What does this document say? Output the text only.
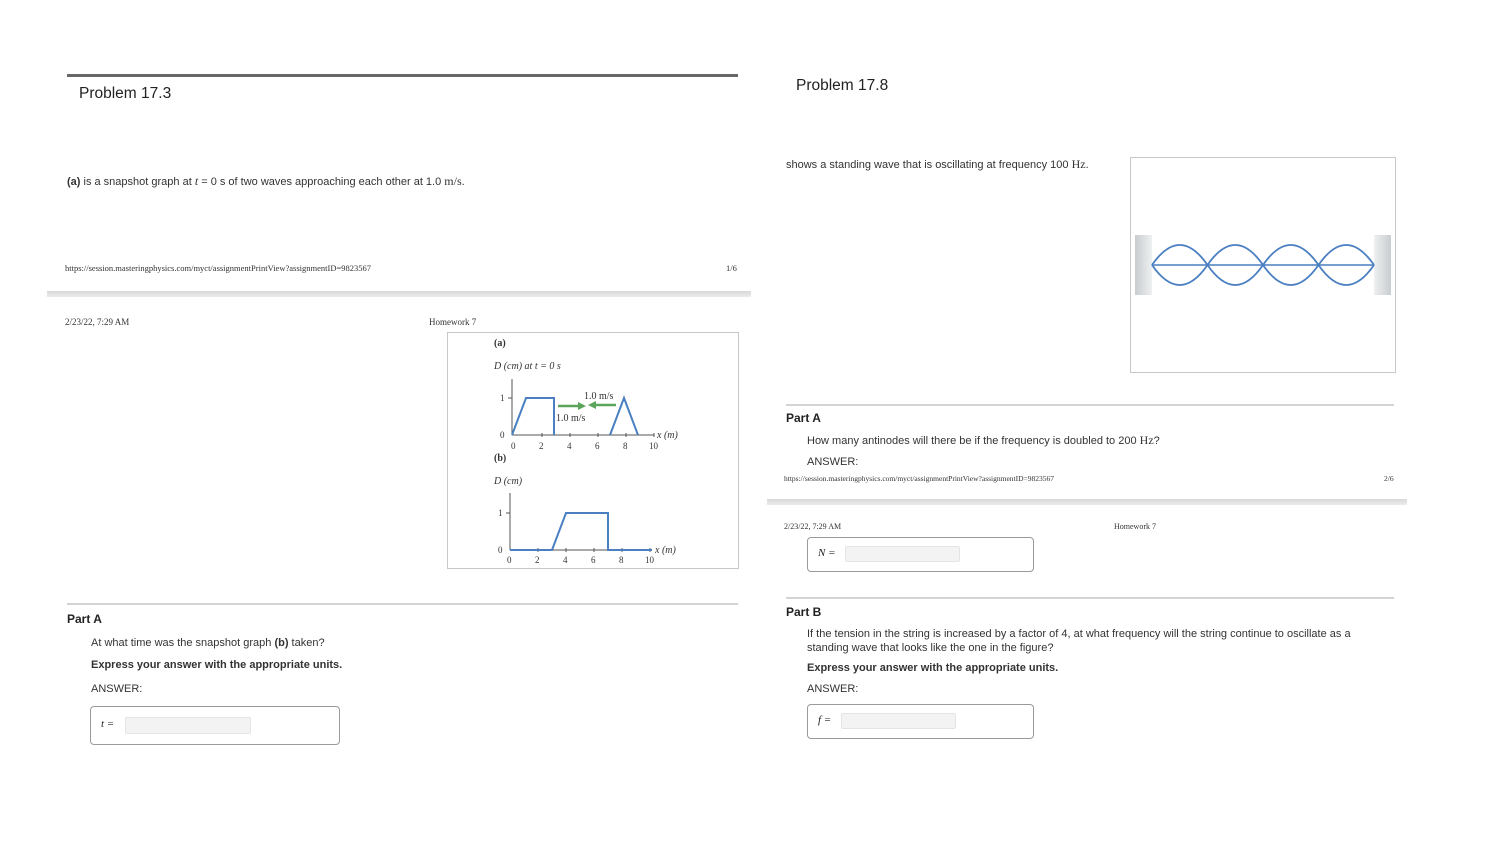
Problem 17.3
(a) is a snapshot graph at t = 0 s of two waves approaching each other at 1.0 m/s.
https://session.masteringphysics.com/myct/assignmentPrintView?assignmentID=9823567	1/6
2/23/22, 7:29 AM	Homework 7
(a)
D (cm) at t = 0 s
1
0
0	2	4	6	8 10
x (m)
1.0 m/s
1.0 m/s
(b)
D (cm)
1
0
0	2	4	6	8 10
x (m)
Part A
At what time was the snapshot graph (b) taken?
Express your answer with the appropriate units.
ANSWER:
t =
Problem 17.8
shows a standing wave that is oscillating at frequency 100 Hz.
Part A
How many antinodes will there be if the frequency is doubled to 200 Hz?
ANSWER:
https://session.masteringphysics.com/myct/assignmentPrintView?assignmentID=9823567	2/6
2/23/22, 7:29 AM	Homework 7
N =
Part B
If the tension in the string is increased by a factor of 4, at what frequency will the string continue to oscillate as a standing wave that looks like the one in the figure?
Express your answer with the appropriate units.
ANSWER:
f =
